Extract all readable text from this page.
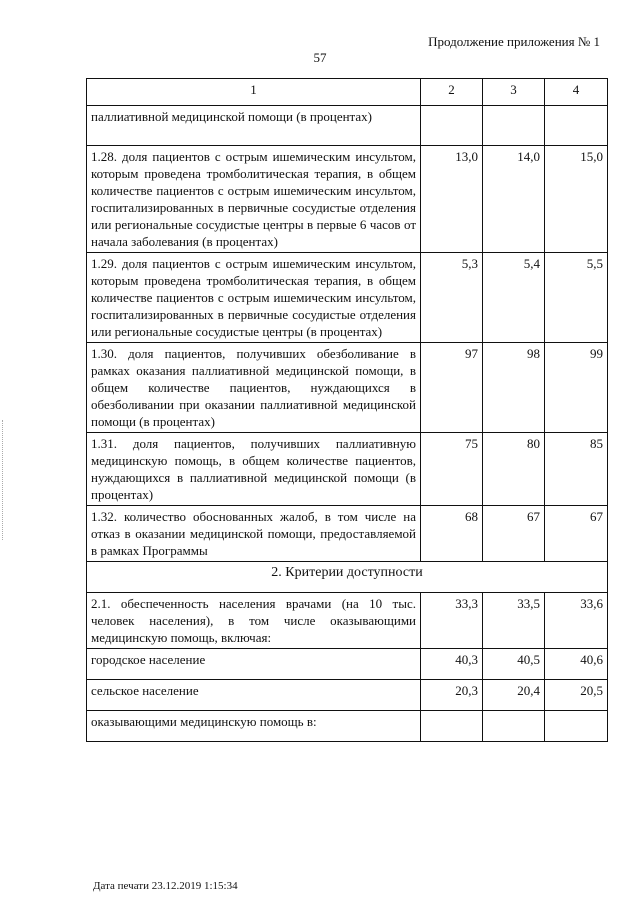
Продолжение приложения № 1
57
1	2	3	4
паллиативной медицинской помощи (в процентах)			
1.28. доля пациентов с острым ишемическим инсультом, которым проведена тромболитическая терапия, в общем количестве пациентов с острым ишемическим инсультом, госпитализированных в первичные сосудистые отделения или региональные сосудистые центры в первые 6 часов от начала заболевания (в процентах)	13,0	14,0	15,0
1.29. доля пациентов с острым ишемическим инсультом, которым проведена тромболитическая терапия, в общем количестве пациентов с острым ишемическим инсультом, госпитализированных в первичные сосудистые отделения или региональные сосудистые центры (в процентах)	5,3	5,4	5,5
1.30. доля пациентов, получивших обезболивание в рамках оказания паллиативной медицинской помощи, в общем количестве пациентов, нуждающихся в обезболивании при оказании паллиативной медицинской помощи (в процентах)	97	98	99
1.31. доля пациентов, получивших паллиативную медицинскую помощь, в общем количестве пациентов, нуждающихся в паллиативной медицинской помощи (в процентах)	75	80	85
1.32. количество обоснованных жалоб, в том числе на отказ в оказании медицинской помощи, предоставляемой в рамках Программы	68	67	67
2. Критерии доступности			
2.1. обеспеченность населения врачами (на 10 тыс. человек населения), в том числе оказывающими медицинскую помощь, включая:	33,3	33,5	33,6
городское население	40,3	40,5	40,6
сельское население	20,3	20,4	20,5
оказывающими медицинскую помощь в:			
Дата печати 23.12.2019 1:15:34
